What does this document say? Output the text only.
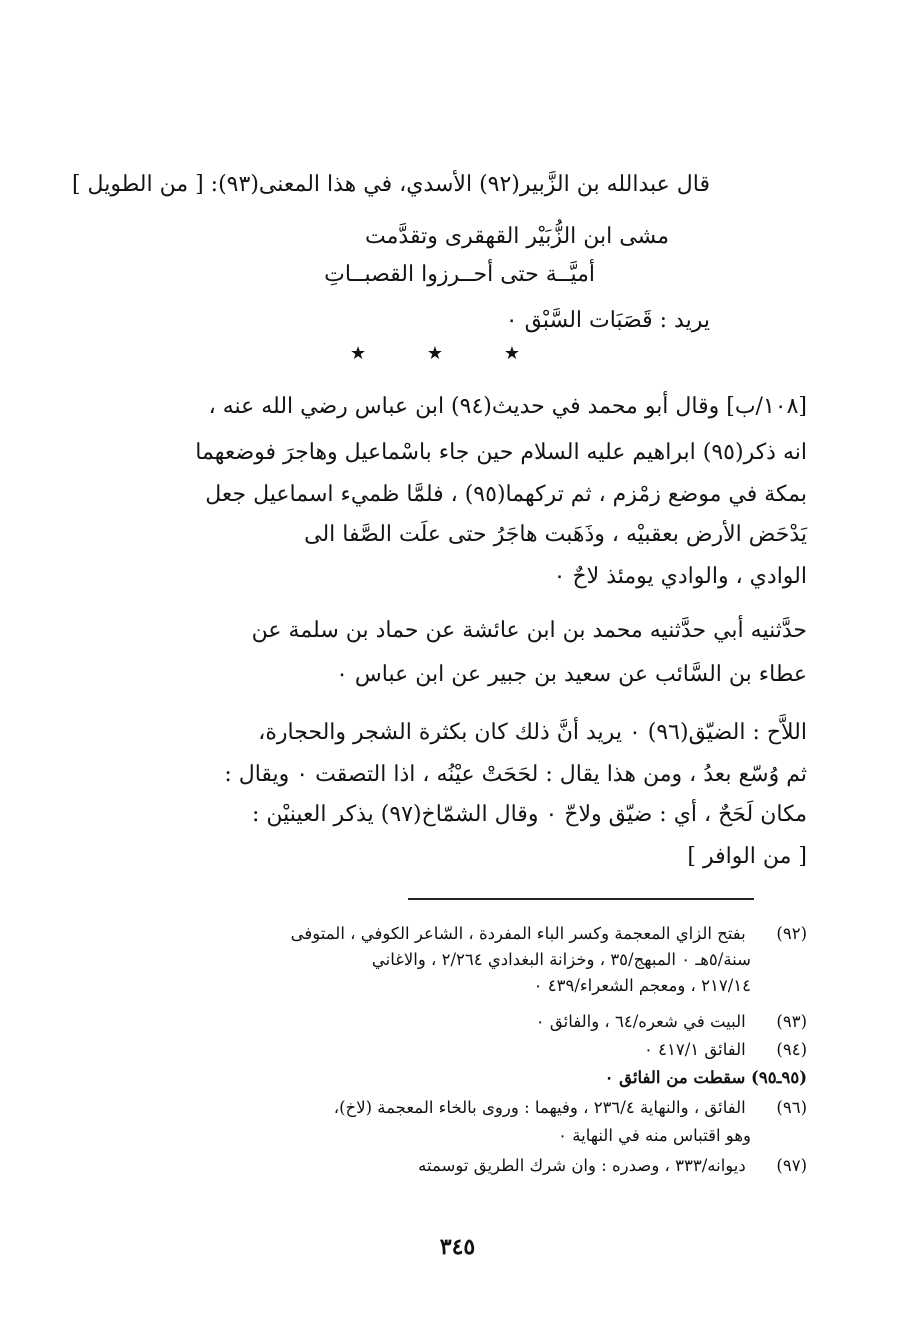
قال عبدالله بن الزَّبير(٩٢) الأسدي، في هذا المعنى(٩٣): [ من الطويل ]
مشى ابن الزُّبَيْر القهقرى وتقدَّمت
أميَّــة حتى أحــرزوا القصبــاتِ
يريد : قَصَبَات السَّبْق ٠
★	★	★
[١٠٨/ب] وقال أبو محمد في حديث(٩٤) ابن عباس رضي الله عنه ،
انه ذكر(٩٥) ابراهيم عليه السلام حين جاء باسْماعيل وهاجرَ فوضعهما
بمكة في موضع زمْزم ، ثم تركهما(٩٥) ، فلمَّا ظميء اسماعيل جعل
يَدْحَض الأرض بعقبيْه ، وذَهَبت هاجَرُ حتى علَت الصَّفا الى
الوادي ، والوادي يومئذ لاحٌ ٠
حدَّثنيه أبي حدَّثنيه محمد بن ابن عائشة عن حماد بن سلمة عن
عطاء بن السَّائب عن سعيد بن جبير عن ابن عباس ٠
اللاَّح : الضيّق(٩٦) ٠ يريد أنَّ ذلك كان بكثرة الشجر والحجارة،
ثم وُسّع بعدُ ، ومن هذا يقال : لحَحَتْ عيْنُه ، اذا التصقت ٠ ويقال :
مكان لَحَحٌ ، أي : ضيّق ولاحّ ٠ وقال الشمّاخ(٩٧) يذكر العينيْن :
[ من الوافر ]
(٩٢) بفتح الزاي المعجمة وكسر الباء المفردة ، الشاعر الكوفي ، المتوفى
سنة/٥هـ ٠ المبهج/٣٥ ، وخزانة البغدادي ٢/٢٦٤ ، والاغاني
٢١٧/١٤ ، ومعجم الشعراء/٤٣٩ ٠
(٩٣) البيت في شعره/٦٤ ، والفائق ٠
(٩٤) الفائق ٤١٧/١ ٠
(٩٥ـ٩٥) سقطت من الفائق ٠
(٩٦) الفائق ، والنهاية ٢٣٦/٤ ، وفيهما : وروى بالخاء المعجمة (لاخ)،
وهو اقتباس منه في النهاية ٠
(٩٧) ديوانه/٣٣٣ ، وصدره : وان شرك الطريق توسمته
٣٤٥
